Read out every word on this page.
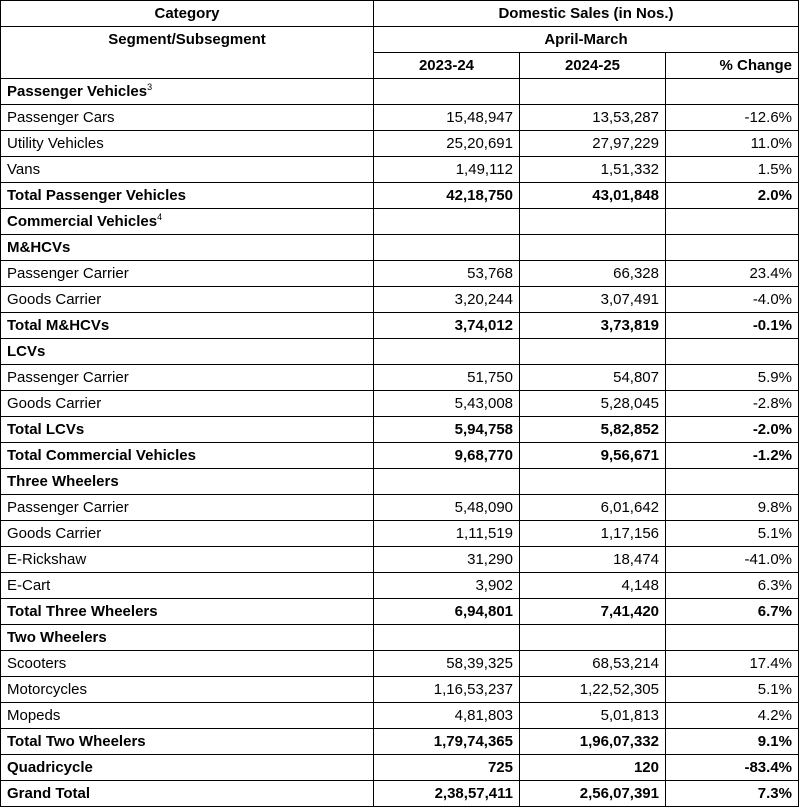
Category	Domestic Sales (in Nos.)		
Segment/Subsegment	April-March		
	2023-24	2024-25	% Change
Passenger Vehicles$^3$			
Passenger Cars	15,48,947	13,53,287	-12.6%
Utility Vehicles	25,20,691	27,97,229	11.0%
Vans	1,49,112	1,51,332	1.5%
Total Passenger Vehicles	42,18,750	43,01,848	2.0%
Commercial Vehicles$^4$			
M&HCVs			
Passenger Carrier	53,768	66,328	23.4%
Goods Carrier	3,20,244	3,07,491	-4.0%
Total M&HCVs	3,74,012	3,73,819	-0.1%
LCVs			
Passenger Carrier	51,750	54,807	5.9%
Goods Carrier	5,43,008	5,28,045	-2.8%
Total LCVs	5,94,758	5,82,852	-2.0%
Total Commercial Vehicles	9,68,770	9,56,671	-1.2%
Three Wheelers			
Passenger Carrier	5,48,090	6,01,642	9.8%
Goods Carrier	1,11,519	1,17,156	5.1%
E-Rickshaw	31,290	18,474	-41.0%
E-Cart	3,902	4,148	6.3%
Total Three Wheelers	6,94,801	7,41,420	6.7%
Two Wheelers			
Scooters	58,39,325	68,53,214	17.4%
Motorcycles	1,16,53,237	1,22,52,305	5.1%
Mopeds	4,81,803	5,01,813	4.2%
Total Two Wheelers	1,79,74,365	1,96,07,332	9.1%
Quadricycle	725	120	-83.4%
Grand Total	2,38,57,411	2,56,07,391	7.3%
